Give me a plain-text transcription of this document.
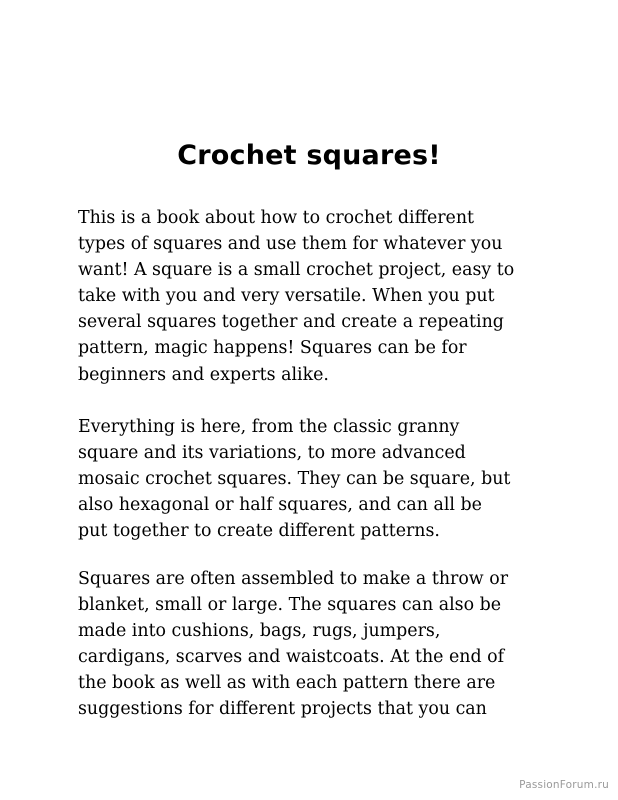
Crochet squares!

This is a book about how to crochet different
types of squares and use them for whatever you
want! A square is a small crochet project, easy to
take with you and very versatile. When you put
several squares together and create a repeating
pattern, magic happens! Squares can be for
beginners and experts alike.

Everything is here, from the classic granny
square and its variations, to more advanced
mosaic crochet squares. They can be square, but
also hexagonal or half squares, and can all be
put together to create different patterns.

Squares are often assembled to make a throw or
blanket, small or large. The squares can also be
made into cushions, bags, rugs, jumpers,
cardigans, scarves and waistcoats. At the end of
the book as well as with each pattern there are
suggestions for different projects that you can

PassionForum.ru
